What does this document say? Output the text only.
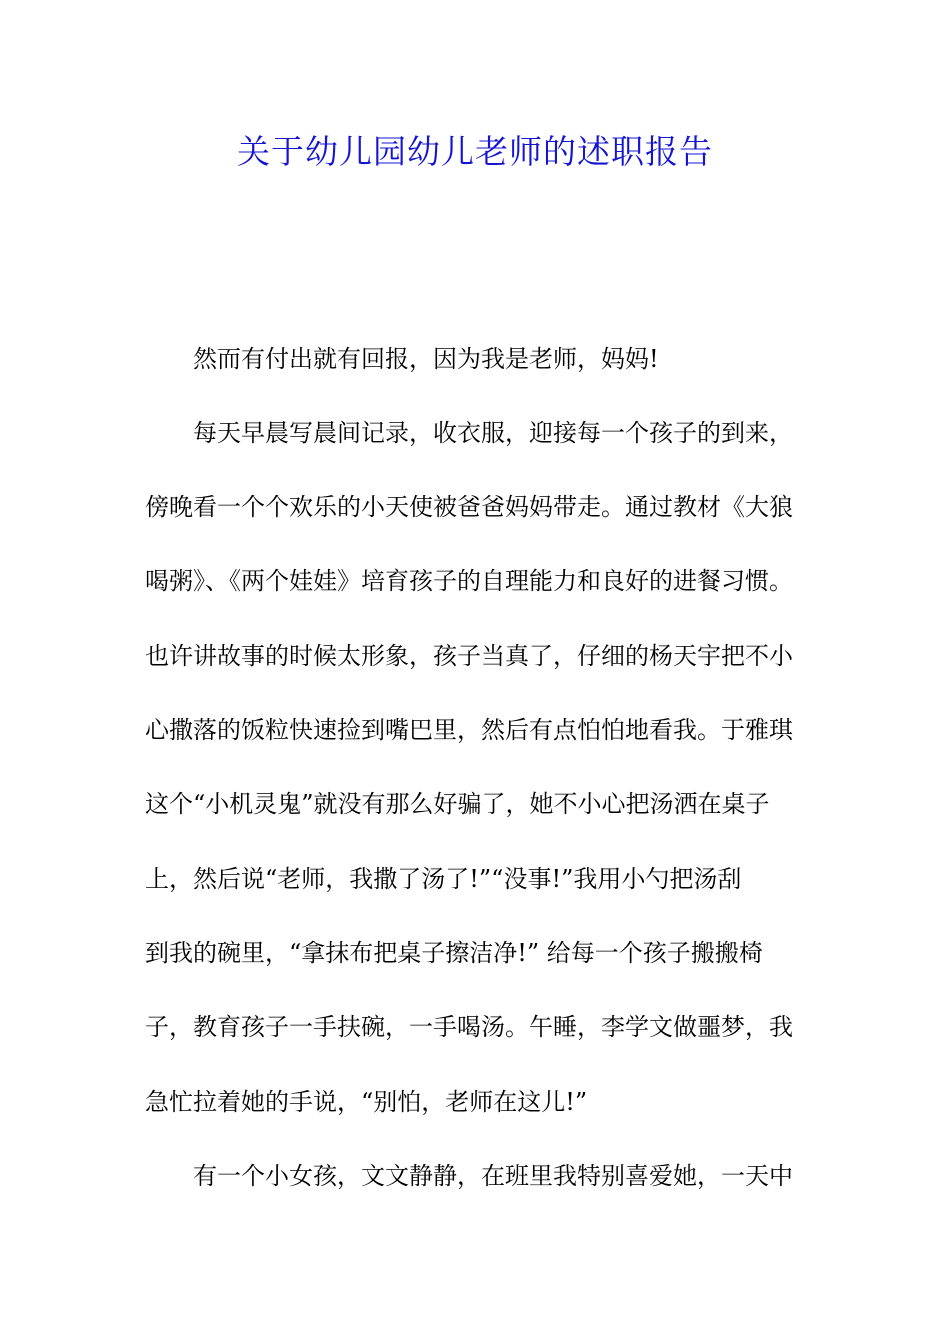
关于幼儿园幼儿老师的述职报告

然而有付出就有回报，因为我是老师，妈妈!

每天早晨写晨间记录，收衣服，迎接每一个孩子的到来，

傍晚看一个个欢乐的小天使被爸爸妈妈带走。通过教材《大狼

喝粥》、《两个娃娃》培育孩子的自理能力和良好的进餐习惯。

也许讲故事的时候太形象，孩子当真了，仔细的杨天宇把不小

心撒落的饭粒快速捡到嘴巴里，然后有点怕怕地看我。于雅琪

这个“小机灵鬼”就没有那么好骗了，她不小心把汤洒在桌子

上，然后说“老师，我撒了汤了!”“没事!”我用小勺把汤刮

到我的碗里，“拿抹布把桌子擦洁净!” 给每一个孩子搬搬椅

子，教育孩子一手扶碗，一手喝汤。午睡，李学文做噩梦，我

急忙拉着她的手说，“别怕，老师在这儿!”

有一个小女孩，文文静静，在班里我特别喜爱她，一天中
